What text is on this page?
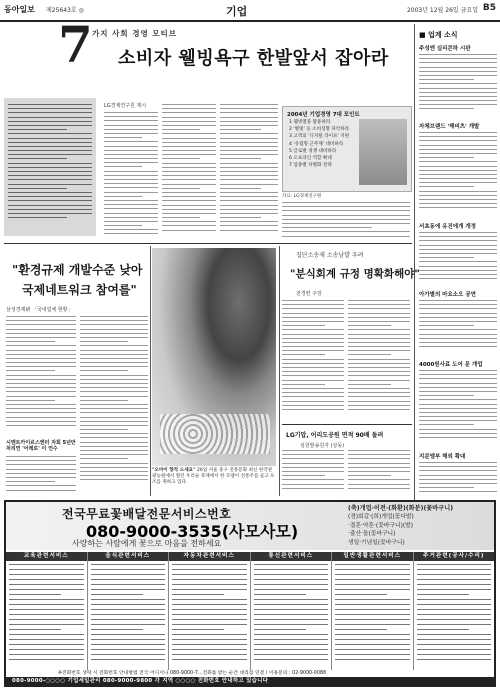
동아일보 제25643호 ◎	기업	2003년 12월 26일 금요일 B5
7 가지 사회 경영 모티브
소비자 웰빙욕구 한발앞서 잡아라
LG경제연구원 제시
2004년 기업경영 7대 포인트
1 웰빙열풍 활용하라
2 '별빛' 등 소비성향 파악하라
3 고객의 '디지털 라이프' 지원
4 '유럽형 근무제' 대비하라
5 글로벌 경쟁 대비하라
6 오프라인 역할 확대
7 업종별 차별화 전략
자료: LG경제연구원
■ 업계 소식
주성엔 실리콘하 시판
자체브랜드 '해비츠' 개발
서초동에 유진에개 개정
아가별의 마요소오 공연
4000원사료 도어 문 개업
지분엠부 해외 확대
"환경규제 개발수준 낮아
국제네트워크 참여를"
삼성경제硏 「국내업체 현황」
시멘트카이르스엔터 자회 5년만 처리연 '어레로' 이 언수
"오마이 향작 드세요" 26일 서울 중구 전통문화 최신 한국관광농원에서 열린 우리술 축제에서 한 모델이 전통주를 들고 포즈를 취하고 있다.
집단소송제 소송남발 우려
"분식회계 규정 명확화해야"
전경련 주장
LG기압, 어리도공원 면적 90배 돌려
심원발송원자 (상동)
전국무료꽃배달전문서비스번호
080-9000-3535(사모사모)
사랑하는 사람에게 꽃으로 마음을 전하세요
(축)개업·이전·(화환)(화분)(꽃바구니)
(경)회갑·(희)개업(꽃다발)
·결혼·약혼·(꽃바구니)(발)
·출산·돌(꽃바구니)
생일·기념일(꽃바구니)
교육관련서비스	음식관련서비스	자동차관련서비스	통신관련서비스	일반생활관련서비스	주거관련(공사/수리)
※전화번호 생략 시 전화번호 안내방법 전국 어디서나 080-9000-7...전화를 받는 순간 대리점 연결 / 이용문의 : 02-9000-0088
080-9000-○○○○ 기업세일관리 080-9000-9800 각 지역 ○○○○ 전화번호 안내하고 있습니다
